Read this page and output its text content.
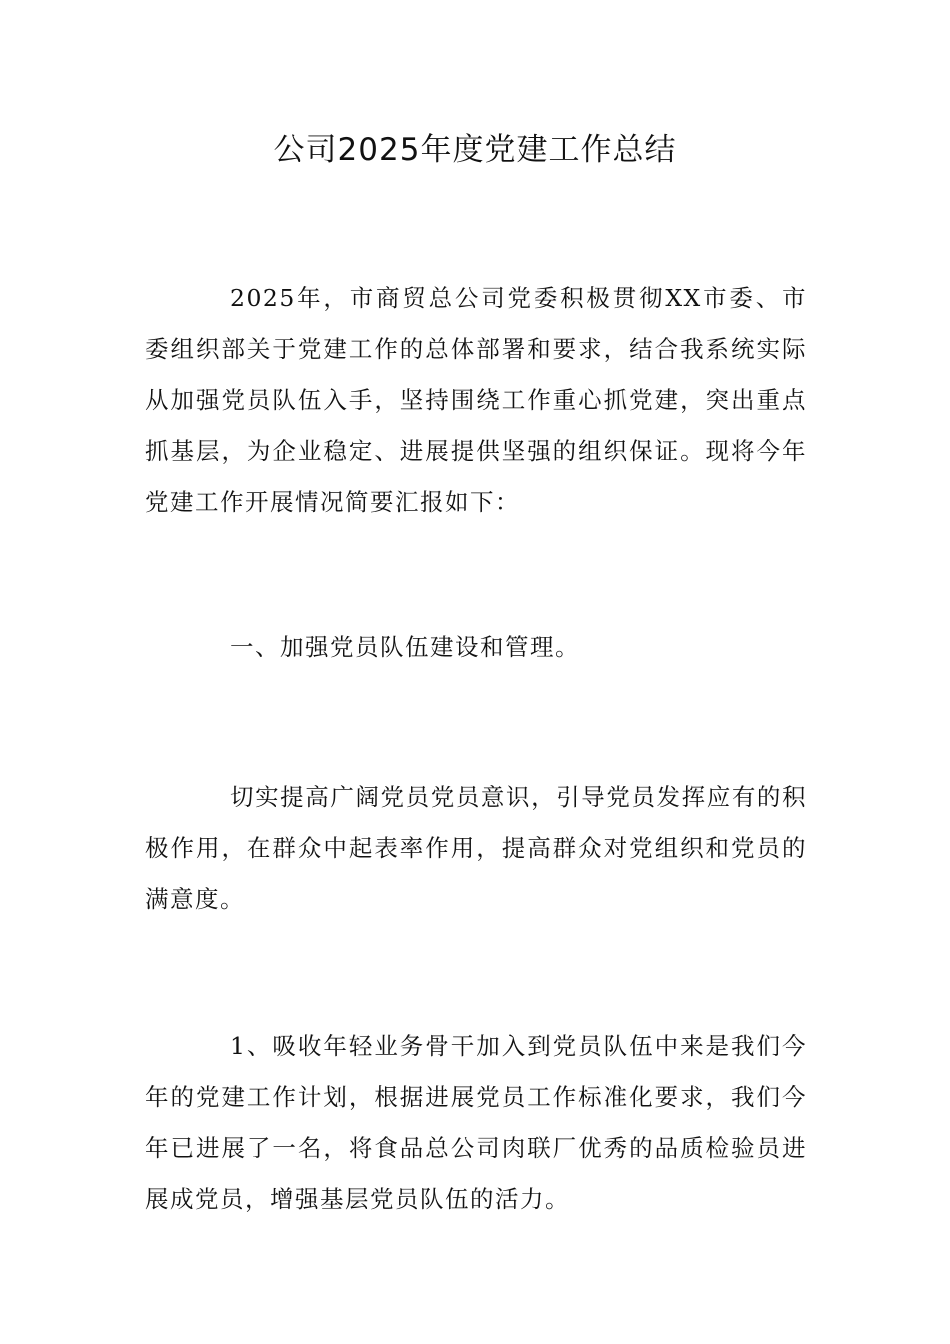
公司2025年度党建工作总结

2025年，市商贸总公司党委积极贯彻XX市委、市委组织部关于党建工作的总体部署和要求，结合我系统实际从加强党员队伍入手，坚持围绕工作重心抓党建，突出重点抓基层，为企业稳定、进展提供坚强的组织保证。现将今年党建工作开展情况简要汇报如下：

一、加强党员队伍建设和管理。

切实提高广阔党员党员意识，引导党员发挥应有的积极作用，在群众中起表率作用，提高群众对党组织和党员的满意度。

1、吸收年轻业务骨干加入到党员队伍中来是我们今年的党建工作计划，根据进展党员工作标准化要求，我们今年已进展了一名，将食品总公司肉联厂优秀的品质检验员进展成党员，增强基层党员队伍的活力。
